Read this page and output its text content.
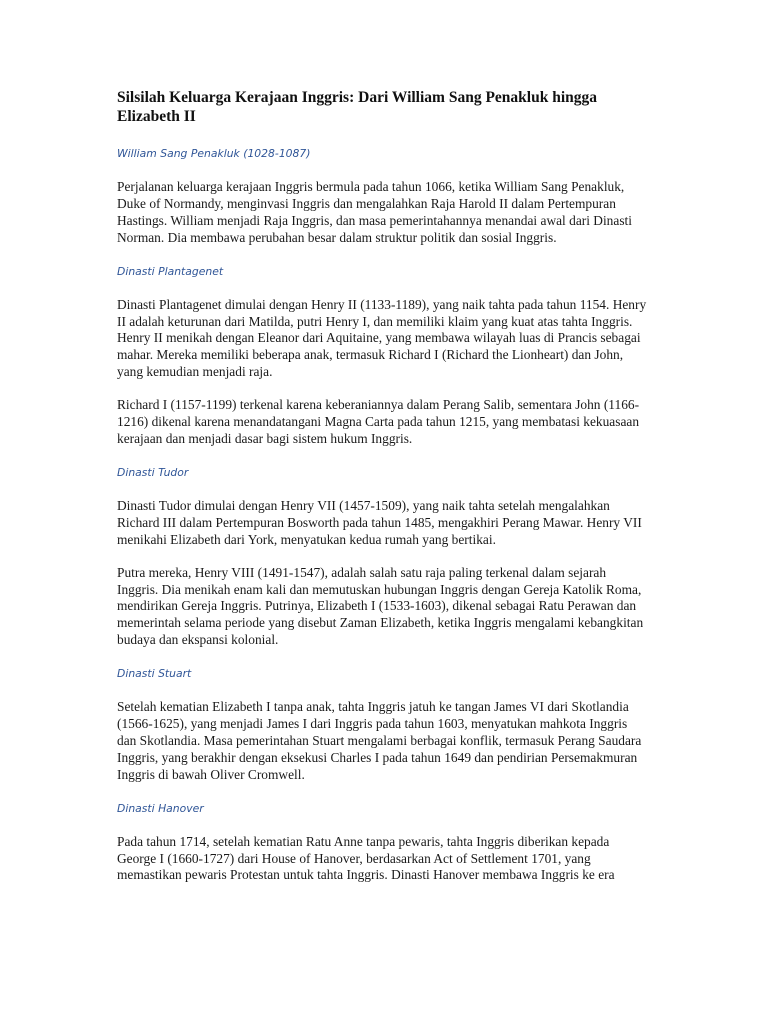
Silsilah Keluarga Kerajaan Inggris: Dari William Sang Penakluk hingga Elizabeth II
William Sang Penakluk (1028-1087)

Perjalanan keluarga kerajaan Inggris bermula pada tahun 1066, ketika William Sang Penakluk, Duke of Normandy, menginvasi Inggris dan mengalahkan Raja Harold II dalam Pertempuran Hastings. William menjadi Raja Inggris, dan masa pemerintahannya menandai awal dari Dinasti Norman. Dia membawa perubahan besar dalam struktur politik dan sosial Inggris.

Dinasti Plantagenet

Dinasti Plantagenet dimulai dengan Henry II (1133-1189), yang naik tahta pada tahun 1154. Henry II adalah keturunan dari Matilda, putri Henry I, dan memiliki klaim yang kuat atas tahta Inggris. Henry II menikah dengan Eleanor dari Aquitaine, yang membawa wilayah luas di Prancis sebagai mahar. Mereka memiliki beberapa anak, termasuk Richard I (Richard the Lionheart) dan John, yang kemudian menjadi raja.

Richard I (1157-1199) terkenal karena keberaniannya dalam Perang Salib, sementara John (1166-1216) dikenal karena menandatangani Magna Carta pada tahun 1215, yang membatasi kekuasaan kerajaan dan menjadi dasar bagi sistem hukum Inggris.

Dinasti Tudor

Dinasti Tudor dimulai dengan Henry VII (1457-1509), yang naik tahta setelah mengalahkan Richard III dalam Pertempuran Bosworth pada tahun 1485, mengakhiri Perang Mawar. Henry VII menikahi Elizabeth dari York, menyatukan kedua rumah yang bertikai.

Putra mereka, Henry VIII (1491-1547), adalah salah satu raja paling terkenal dalam sejarah Inggris. Dia menikah enam kali dan memutuskan hubungan Inggris dengan Gereja Katolik Roma, mendirikan Gereja Inggris. Putrinya, Elizabeth I (1533-1603), dikenal sebagai Ratu Perawan dan memerintah selama periode yang disebut Zaman Elizabeth, ketika Inggris mengalami kebangkitan budaya dan ekspansi kolonial.

Dinasti Stuart

Setelah kematian Elizabeth I tanpa anak, tahta Inggris jatuh ke tangan James VI dari Skotlandia (1566-1625), yang menjadi James I dari Inggris pada tahun 1603, menyatukan mahkota Inggris dan Skotlandia. Masa pemerintahan Stuart mengalami berbagai konflik, termasuk Perang Saudara Inggris, yang berakhir dengan eksekusi Charles I pada tahun 1649 dan pendirian Persemakmuran Inggris di bawah Oliver Cromwell.

Dinasti Hanover

Pada tahun 1714, setelah kematian Ratu Anne tanpa pewaris, tahta Inggris diberikan kepada George I (1660-1727) dari House of Hanover, berdasarkan Act of Settlement 1701, yang memastikan pewaris Protestan untuk tahta Inggris. Dinasti Hanover membawa Inggris ke era
